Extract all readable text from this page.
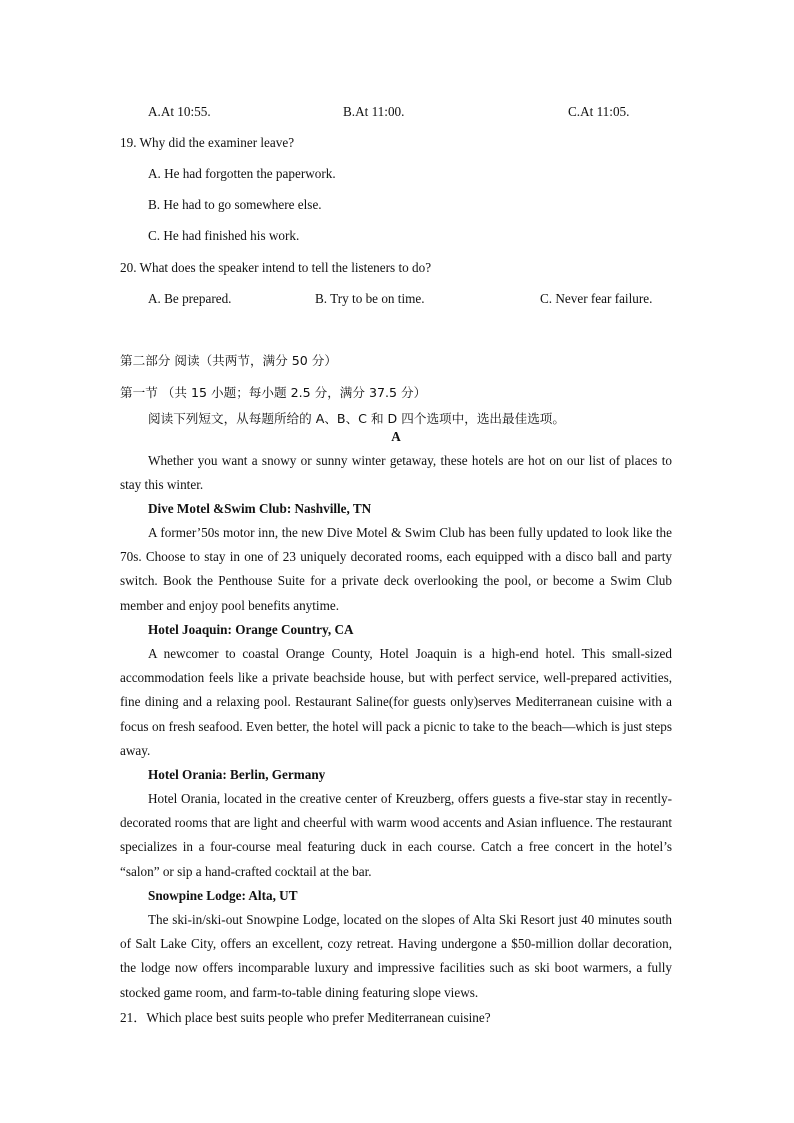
A.At 10:55.	B.At 11:00.	C.At 11:05.
19. Why did the examiner leave?
A. He had forgotten the paperwork.
B. He had to go somewhere else.
C. He had finished his work.
20. What does the speaker intend to tell the listeners to do?
A. Be prepared.	B. Try to be on time.	C. Never fear failure.
第二部分 阅读（共两节，满分 50 分）
第一节 （共 15 小题；每小题 2.5 分，满分 37.5 分）
阅读下列短文，从每题所给的 A、B、C 和 D 四个选项中，选出最佳选项。
A

Whether you want a snowy or sunny winter getaway, these hotels are hot on our list of places to stay this winter.

Dive Motel &Swim Club: Nashville, TN

A former’50s motor inn, the new Dive Motel & Swim Club has been fully updated to look like the 70s. Choose to stay in one of 23 uniquely decorated rooms, each equipped with a disco ball and party switch. Book the Penthouse Suite for a private deck overlooking the pool, or become a Swim Club member and enjoy pool benefits anytime.

Hotel Joaquin: Orange Country, CA

A newcomer to coastal Orange County, Hotel Joaquin is a high-end hotel. This small-sized accommodation feels like a private beachside house, but with perfect service, well-prepared activities, fine dining and a relaxing pool. Restaurant Saline(for guests only)serves Mediterranean cuisine with a focus on fresh seafood. Even better, the hotel will pack a picnic to take to the beach—which is just steps away.

Hotel Orania: Berlin, Germany

Hotel Orania, located in the creative center of Kreuzberg, offers guests a five-star stay in recently-decorated rooms that are light and cheerful with warm wood accents and Asian influence. The restaurant specializes in a four-course meal featuring duck in each course. Catch a free concert in the hotel’s “salon” or sip a hand-crafted cocktail at the bar.

Snowpine Lodge: Alta, UT

The ski-in/ski-out Snowpine Lodge, located on the slopes of Alta Ski Resort just 40 minutes south of Salt Lake City, offers an excellent, cozy retreat. Having undergone a $50-million dollar decoration, the lodge now offers incomparable luxury and impressive facilities such as ski boot warmers, a fully stocked game room, and farm-to-table dining featuring slope views.

21．Which place best suits people who prefer Mediterranean cuisine?
